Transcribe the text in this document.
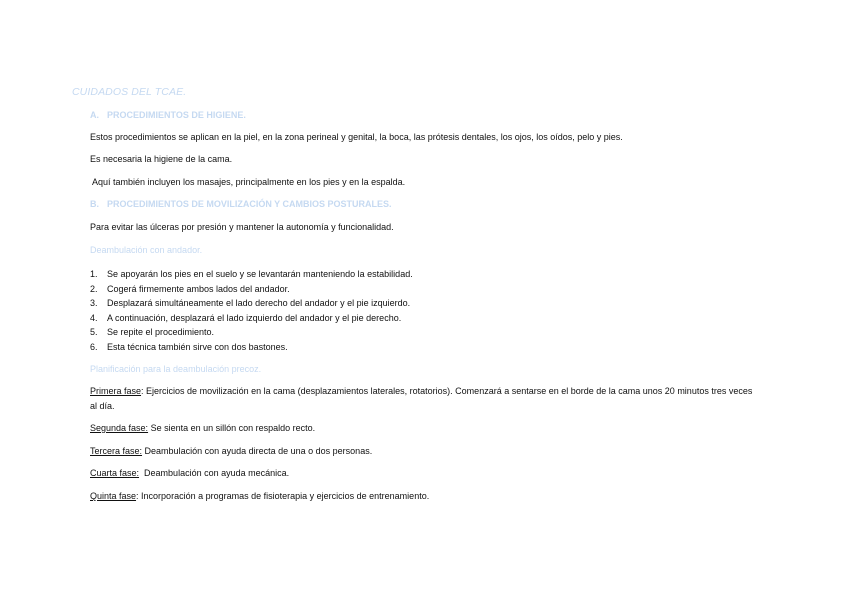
CUIDADOS DEL TCAE.
A. PROCEDIMIENTOS DE HIGIENE.
Estos procedimientos se aplican en la piel, en la zona perineal y genital, la boca, las prótesis dentales, los ojos, los oídos, pelo y pies.
Es necesaria la higiene de la cama.
Aquí también incluyen los masajes, principalmente en los pies y en la espalda.
B. PROCEDIMIENTOS DE MOVILIZACIÓN Y CAMBIOS POSTURALES.
Para evitar las úlceras por presión y mantener la autonomía y funcionalidad.
Deambulación con andador.
1. Se apoyarán los pies en el suelo y se levantarán manteniendo la estabilidad.
2. Cogerá firmemente ambos lados del andador.
3. Desplazará simultáneamente el lado derecho del andador y el pie izquierdo.
4. A continuación, desplazará el lado izquierdo del andador y el pie derecho.
5. Se repite el procedimiento.
6. Esta técnica también sirve con dos bastones.
Planificación para la deambulación precoz.
Primera fase: Ejercicios de movilización en la cama (desplazamientos laterales, rotatorios). Comenzará a sentarse en el borde de la cama unos 20 minutos tres veces al día.
Segunda fase: Se sienta en un sillón con respaldo recto.
Tercera fase: Deambulación con ayuda directa de una o dos personas.
Cuarta fase: Deambulación con ayuda mecánica.
Quinta fase: Incorporación a programas de fisioterapia y ejercicios de entrenamiento.
